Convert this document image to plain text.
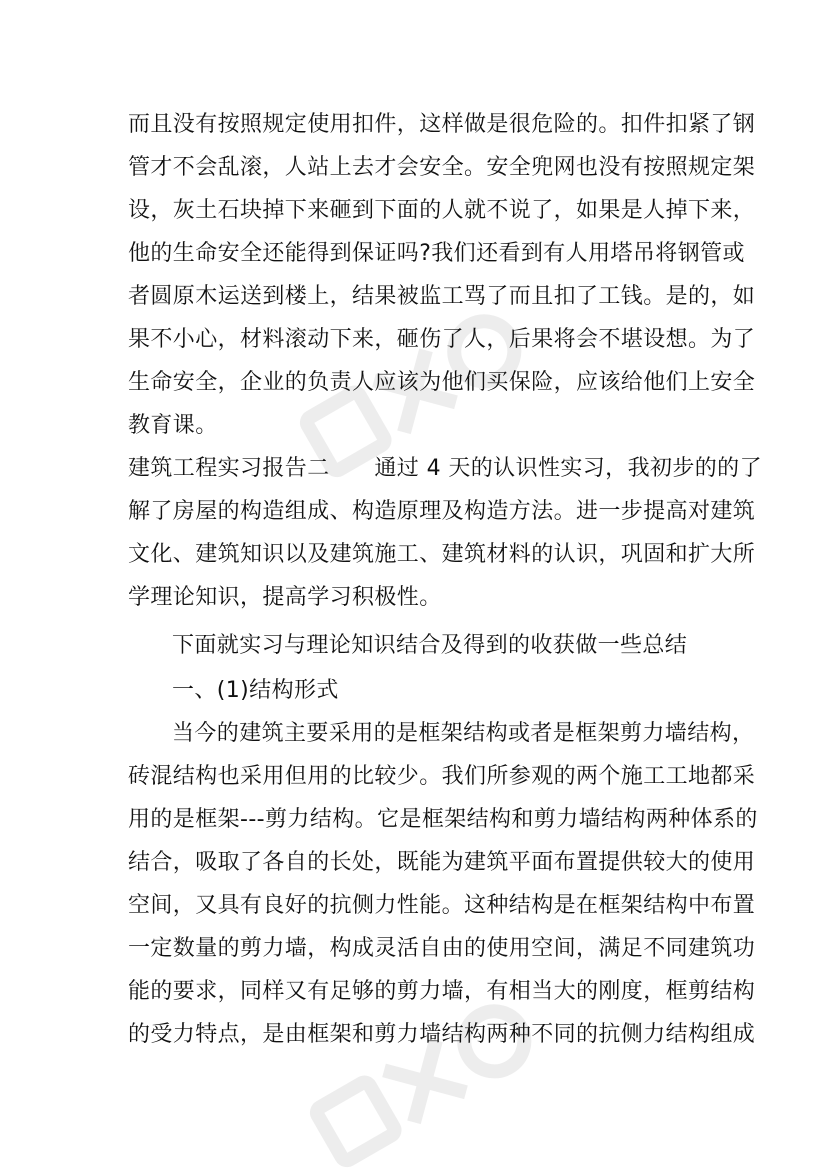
而且没有按照规定使用扣件，这样做是很危险的。扣件扣紧了钢
管才不会乱滚，人站上去才会安全。安全兜网也没有按照规定架
设，灰土石块掉下来砸到下面的人就不说了，如果是人掉下来，
他的生命安全还能得到保证吗?我们还看到有人用塔吊将钢管或
者圆原木运送到楼上，结果被监工骂了而且扣了工钱。是的，如
果不小心，材料滚动下来，砸伤了人，后果将会不堪设想。为了
生命安全，企业的负责人应该为他们买保险，应该给他们上安全
教育课。
建筑工程实习报告二　　通过 4 天的认识性实习，我初步的的了
解了房屋的构造组成、构造原理及构造方法。进一步提高对建筑
文化、建筑知识以及建筑施工、建筑材料的认识，巩固和扩大所
学理论知识，提高学习积极性。
下面就实习与理论知识结合及得到的收获做一些总结
一、(1)结构形式
当今的建筑主要采用的是框架结构或者是框架剪力墙结构，
砖混结构也采用但用的比较少。我们所参观的两个施工工地都采
用的是框架---剪力结构。它是框架结构和剪力墙结构两种体系的
结合，吸取了各自的长处，既能为建筑平面布置提供较大的使用
空间，又具有良好的抗侧力性能。这种结构是在框架结构中布置
一定数量的剪力墙，构成灵活自由的使用空间，满足不同建筑功
能的要求，同样又有足够的剪力墙，有相当大的刚度，框剪结构
的受力特点，是由框架和剪力墙结构两种不同的抗侧力结构组成
